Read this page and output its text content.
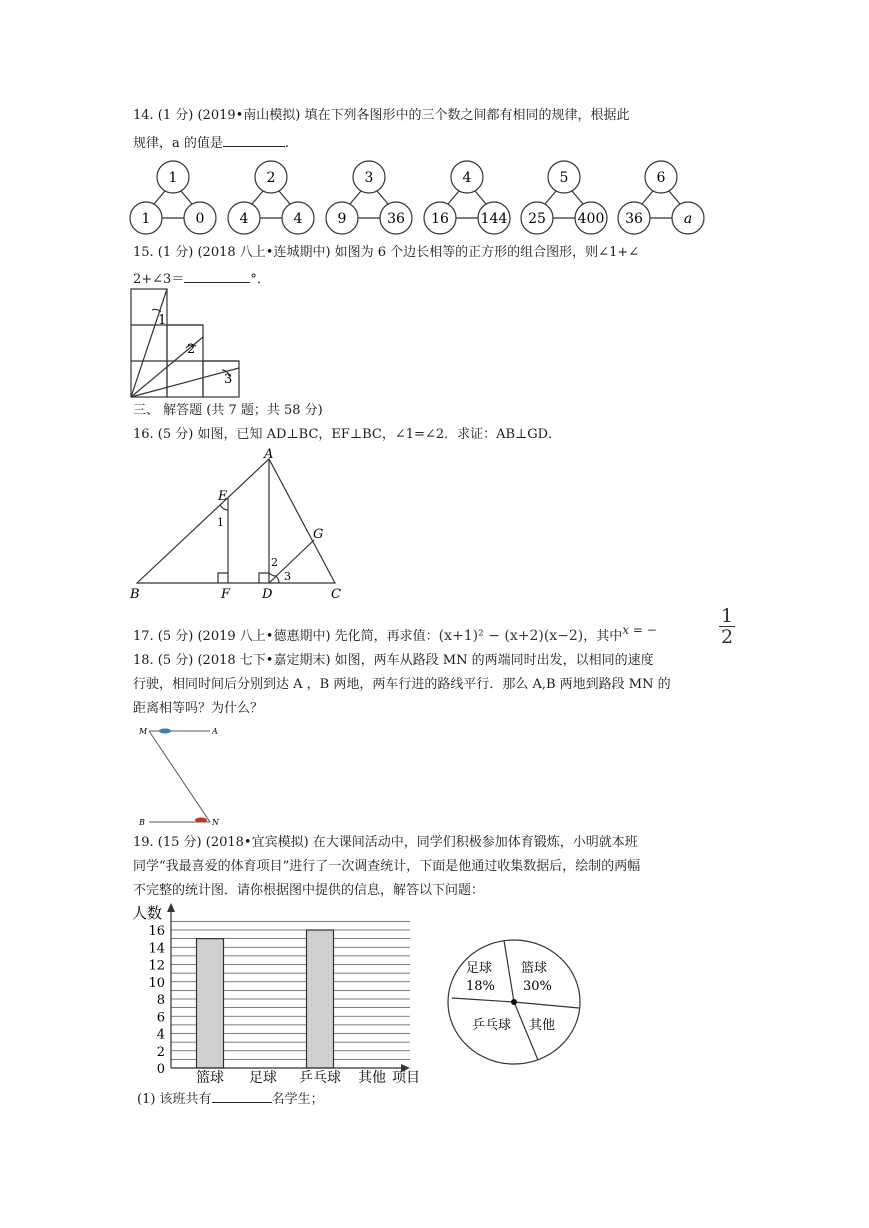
14. (1 分) (2019•南山模拟) 填在下列各图形中的三个数之间都有相同的规律，根据此
规律，a 的值是	.
1
1	0
2
4	4
3
9	36
4
16 144
5
25 400
6
36	a
15. (1 分) (2018 八上•连城期中) 如图为 6 个边长相等的正方形的组合图形，则∠1+∠
2+∠3＝	°．
1
2
3
三、 解答题 (共 7 题；共 58 分)
16. (5 分) 如图，已知 AD⊥BC，EF⊥BC，∠1=∠2．求证：AB⊥GD．
A
B	C
D
E
F
G
1
2
3
17. (5 分) (2019 八上•德惠期中) 先化简，再求值：(x+1)² − (x+2)(x−2)，其中x = −	$\frac{1}{2}$
18. (5 分) (2018 七下•嘉定期末) 如图，两车从路段 MN 的两端同时出发，以相同的速度
行驶，相同时间后分别到达 A ，B 两地，两车行进的路线平行．那么 A,B 两地到路段 MN 的
距离相等吗？为什么？
M	A
B	N
19. (15 分) (2018•宜宾模拟) 在大课间活动中，同学们积极参加体育锻炼，小明就本班
同学“我最喜爱的体育项目”进行了一次调查统计，下面是他通过收集数据后，绘制的两幅
不完整的统计图．请你根据图中提供的信息，解答以下问题：
0
2
4
6
8
10
12
14
16
篮球 足球 乒乓球 其他
人数
项目
足球
18%
篮球
30%
乒乓球 其他
(1) 该班共有	名学生；
